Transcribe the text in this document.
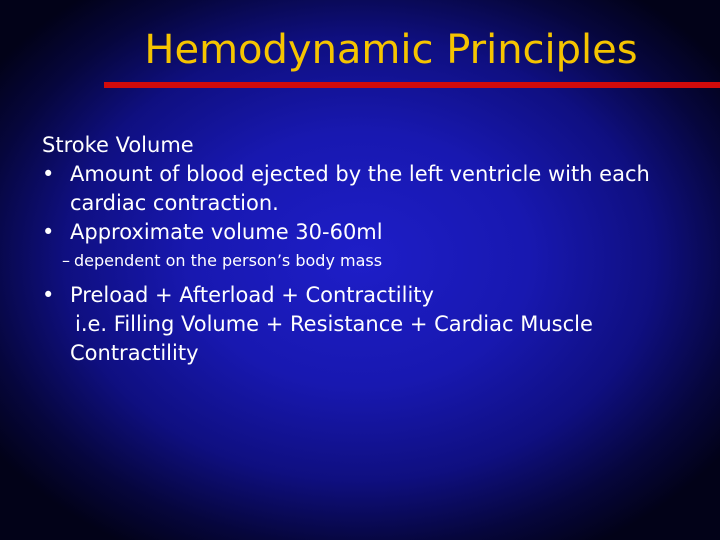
Hemodynamic Principles

Stroke Volume

• Amount of blood ejected by the left ventricle with each cardiac contraction.
• Approximate volume 30-60ml
– dependent on the person’s body mass
• Preload + Afterload + Contractility
i.e. Filling Volume + Resistance + Cardiac Muscle
Contractility
